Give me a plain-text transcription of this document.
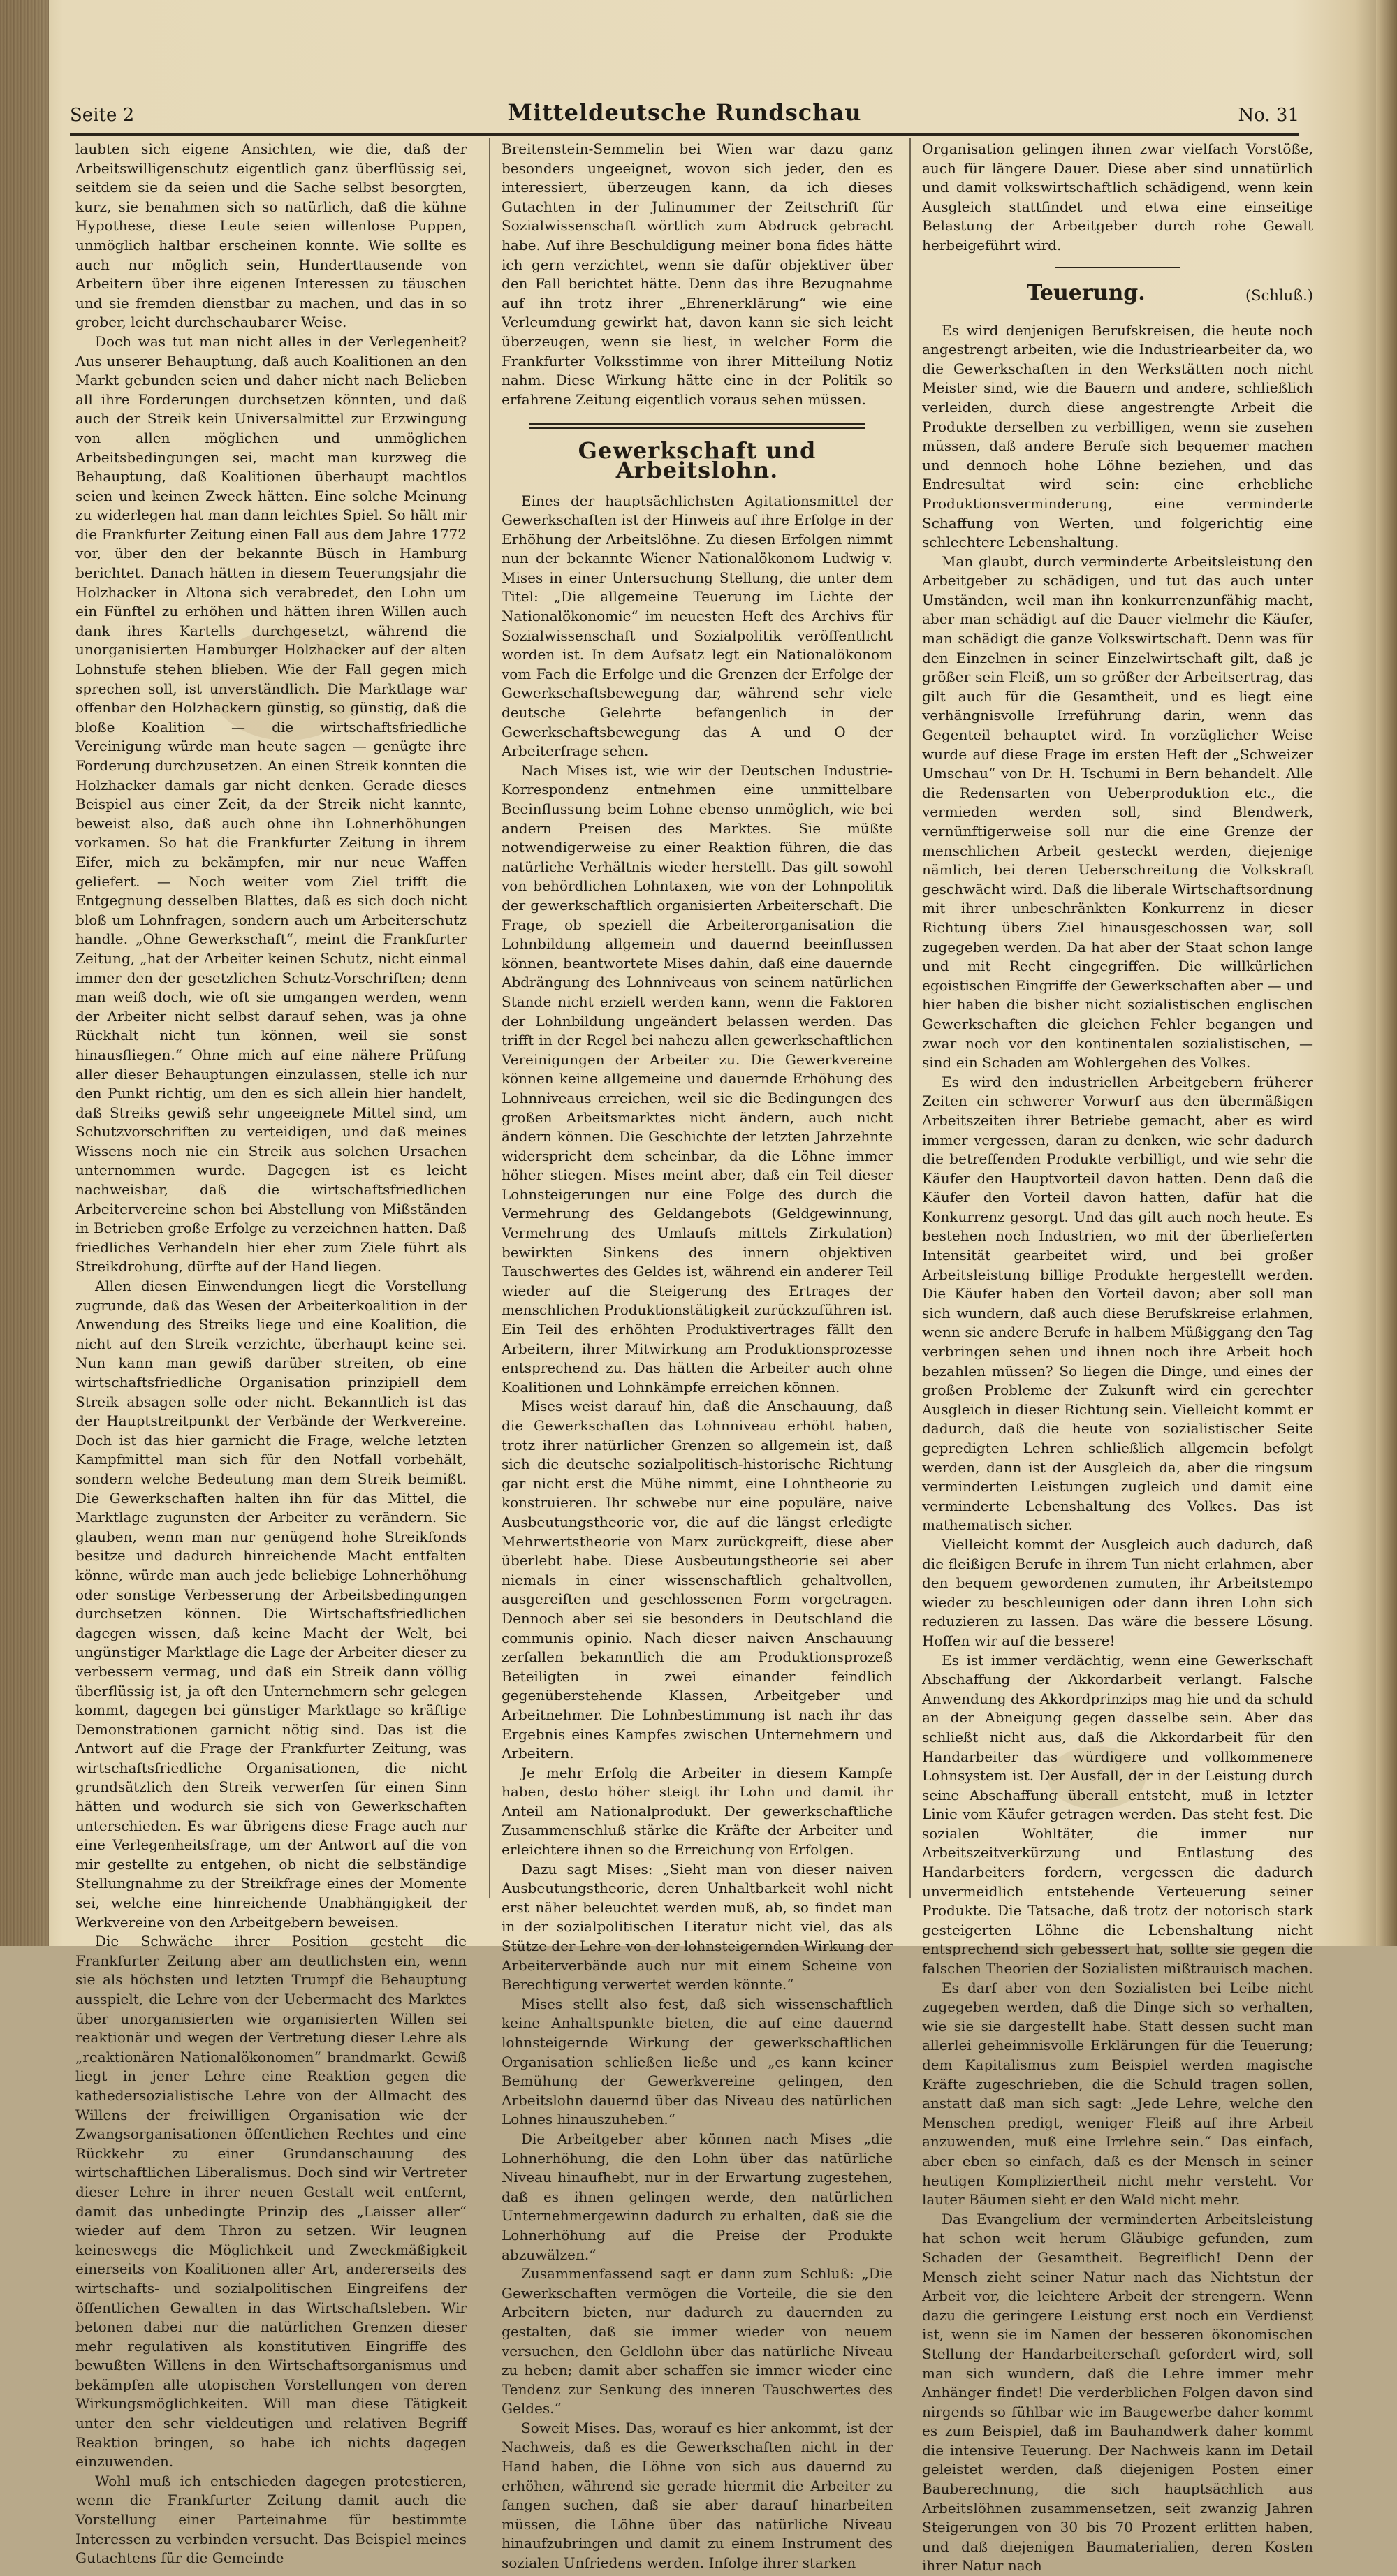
Seite 2	Mitteldeutsche Rundschau	No. 31

laubten sich eigene Ansichten, wie die, daß der Arbeitswilligenschutz eigentlich ganz überflüssig sei, seitdem sie da seien und die Sache selbst besorgten, kurz, sie benahmen sich so natürlich, daß die kühne Hypothese, diese Leute seien willenlose Puppen, unmöglich haltbar erscheinen konnte. Wie sollte es auch nur möglich sein, Hunderttausende von Arbeitern über ihre eigenen Interessen zu täuschen und sie fremden dienstbar zu machen, und das in so grober, leicht durchschaubarer Weise.

Doch was tut man nicht alles in der Verlegenheit? Aus unserer Behauptung, daß auch Koalitionen an den Markt gebunden seien und daher nicht nach Belieben all ihre Forderungen durchsetzen könnten, und daß auch der Streik kein Universalmittel zur Erzwingung von allen möglichen und unmöglichen Arbeitsbedingungen sei, macht man kurzweg die Behauptung, daß Koalitionen überhaupt machtlos seien und keinen Zweck hätten. Eine solche Meinung zu widerlegen hat man dann leichtes Spiel. So hält mir die Frankfurter Zeitung einen Fall aus dem Jahre 1772 vor, über den der bekannte Büsch in Hamburg berichtet. Danach hätten in diesem Teuerungsjahr die Holzhacker in Altona sich verabredet, den Lohn um ein Fünftel zu erhöhen und hätten ihren Willen auch dank ihres Kartells durchgesetzt, während die unorganisierten Hamburger Holzhacker auf der alten Lohnstufe stehen blieben. Wie der Fall gegen mich sprechen soll, ist unverständlich. Die Marktlage war offenbar den Holzhackern günstig, so günstig, daß die bloße Koalition — die wirtschaftsfriedliche Vereinigung würde man heute sagen — genügte ihre Forderung durchzusetzen. An einen Streik konnten die Holzhacker damals gar nicht denken. Gerade dieses Beispiel aus einer Zeit, da der Streik nicht kannte, beweist also, daß auch ohne ihn Lohnerhöhungen vorkamen. So hat die Frankfurter Zeitung in ihrem Eifer, mich zu bekämpfen, mir nur neue Waffen geliefert. — Noch weiter vom Ziel trifft die Entgegnung desselben Blattes, daß es sich doch nicht bloß um Lohnfragen, sondern auch um Arbeiterschutz handle. „Ohne Gewerkschaft“, meint die Frankfurter Zeitung, „hat der Arbeiter keinen Schutz, nicht einmal immer den der gesetzlichen Schutz-Vorschriften; denn man weiß doch, wie oft sie umgangen werden, wenn der Arbeiter nicht selbst darauf sehen, was ja ohne Rückhalt nicht tun können, weil sie sonst hinausfliegen.“ Ohne mich auf eine nähere Prüfung aller dieser Behauptungen einzulassen, stelle ich nur den Punkt richtig, um den es sich allein hier handelt, daß Streiks gewiß sehr ungeeignete Mittel sind, um Schutzvorschriften zu verteidigen, und daß meines Wissens noch nie ein Streik aus solchen Ursachen unternommen wurde. Dagegen ist es leicht nachweisbar, daß die wirtschaftsfriedlichen Arbeitervereine schon bei Abstellung von Mißständen in Betrieben große Erfolge zu verzeichnen hatten. Daß friedliches Verhandeln hier eher zum Ziele führt als Streikdrohung, dürfte auf der Hand liegen.

Allen diesen Einwendungen liegt die Vorstellung zugrunde, daß das Wesen der Arbeiterkoalition in der Anwendung des Streiks liege und eine Koalition, die nicht auf den Streik verzichte, überhaupt keine sei. Nun kann man gewiß darüber streiten, ob eine wirtschaftsfriedliche Organisation prinzipiell dem Streik absagen solle oder nicht. Bekanntlich ist das der Hauptstreitpunkt der Verbände der Werkvereine. Doch ist das hier garnicht die Frage, welche letzten Kampfmittel man sich für den Notfall vorbehält, sondern welche Bedeutung man dem Streik beimißt. Die Gewerkschaften halten ihn für das Mittel, die Marktlage zugunsten der Arbeiter zu verändern. Sie glauben, wenn man nur genügend hohe Streikfonds besitze und dadurch hinreichende Macht entfalten könne, würde man auch jede beliebige Lohnerhöhung oder sonstige Verbesserung der Arbeitsbedingungen durchsetzen können. Die Wirtschaftsfriedlichen dagegen wissen, daß keine Macht der Welt, bei ungünstiger Marktlage die Lage der Arbeiter dieser zu verbessern vermag, und daß ein Streik dann völlig überflüssig ist, ja oft den Unternehmern sehr gelegen kommt, dagegen bei günstiger Marktlage so kräftige Demonstrationen garnicht nötig sind. Das ist die Antwort auf die Frage der Frankfurter Zeitung, was wirtschaftsfriedliche Organisationen, die nicht grundsätzlich den Streik verwerfen für einen Sinn hätten und wodurch sie sich von Gewerkschaften unterschieden. Es war übrigens diese Frage auch nur eine Verlegenheitsfrage, um der Antwort auf die von mir gestellte zu entgehen, ob nicht die selbständige Stellungnahme zu der Streikfrage eines der Momente sei, welche eine hinreichende Unabhängigkeit der Werkvereine von den Arbeitgebern beweisen.

Die Schwäche ihrer Position gesteht die Frankfurter Zeitung aber am deutlichsten ein, wenn sie als höchsten und letzten Trumpf die Behauptung ausspielt, die Lehre von der Uebermacht des Marktes über unorganisierten wie organisierten Willen sei reaktionär und wegen der Vertretung dieser Lehre als „reaktionären Nationalökonomen“ brandmarkt. Gewiß liegt in jener Lehre eine Reaktion gegen die kathedersozialistische Lehre von der Allmacht des Willens der freiwilligen Organisation wie der Zwangsorganisationen öffentlichen Rechtes und eine Rückkehr zu einer Grundanschauung des wirtschaftlichen Liberalismus. Doch sind wir Vertreter dieser Lehre in ihrer neuen Gestalt weit entfernt, damit das unbedingte Prinzip des „Laisser aller“ wieder auf dem Thron zu setzen. Wir leugnen keineswegs die Möglichkeit und Zweckmäßigkeit einerseits von Koalitionen aller Art, andererseits des wirtschafts- und sozialpolitischen Eingreifens der öffentlichen Gewalten in das Wirtschaftsleben. Wir betonen dabei nur die natürlichen Grenzen dieser mehr regulativen als konstitutiven Eingriffe des bewußten Willens in den Wirtschaftsorganismus und bekämpfen alle utopischen Vorstellungen von deren Wirkungsmöglichkeiten. Will man diese Tätigkeit unter den sehr vieldeutigen und relativen Begriff Reaktion bringen, so habe ich nichts dagegen einzuwenden.

Wohl muß ich entschieden dagegen protestieren, wenn die Frankfurter Zeitung damit auch die Vorstellung einer Parteinahme für bestimmte Interessen zu verbinden versucht. Das Beispiel meines Gutachtens für die Gemeinde

Breitenstein-Semmelin bei Wien war dazu ganz besonders ungeeignet, wovon sich jeder, den es interessiert, überzeugen kann, da ich dieses Gutachten in der Julinummer der Zeitschrift für Sozialwissenschaft wörtlich zum Abdruck gebracht habe. Auf ihre Beschuldigung meiner bona fides hätte ich gern verzichtet, wenn sie dafür objektiver über den Fall berichtet hätte. Denn das ihre Bezugnahme auf ihn trotz ihrer „Ehrenerklärung“ wie eine Verleumdung gewirkt hat, davon kann sie sich leicht überzeugen, wenn sie liest, in welcher Form die Frankfurter Volksstimme von ihrer Mitteilung Notiz nahm. Diese Wirkung hätte eine in der Politik so erfahrene Zeitung eigentlich voraus sehen müssen.

Gewerkschaft und Arbeitslohn.

Eines der hauptsächlichsten Agitationsmittel der Gewerkschaften ist der Hinweis auf ihre Erfolge in der Erhöhung der Arbeitslöhne. Zu diesen Erfolgen nimmt nun der bekannte Wiener Nationalökonom Ludwig v. Mises in einer Untersuchung Stellung, die unter dem Titel: „Die allgemeine Teuerung im Lichte der Nationalökonomie“ im neuesten Heft des Archivs für Sozialwissenschaft und Sozialpolitik veröffentlicht worden ist. In dem Aufsatz legt ein Nationalökonom vom Fach die Erfolge und die Grenzen der Erfolge der Gewerkschaftsbewegung dar, während sehr viele deutsche Gelehrte befangenlich in der Gewerkschaftsbewegung das A und O der Arbeiterfrage sehen.

Nach Mises ist, wie wir der Deutschen Industrie-Korrespondenz entnehmen eine unmittelbare Beeinflussung beim Lohne ebenso unmöglich, wie bei andern Preisen des Marktes. Sie müßte notwendigerweise zu einer Reaktion führen, die das natürliche Verhältnis wieder herstellt. Das gilt sowohl von behördlichen Lohntaxen, wie von der Lohnpolitik der gewerkschaftlich organisierten Arbeiterschaft. Die Frage, ob speziell die Arbeiterorganisation die Lohnbildung allgemein und dauernd beeinflussen können, beantwortete Mises dahin, daß eine dauernde Abdrängung des Lohnniveaus von seinem natürlichen Stande nicht erzielt werden kann, wenn die Faktoren der Lohnbildung ungeändert belassen werden. Das trifft in der Regel bei nahezu allen gewerkschaftlichen Vereinigungen der Arbeiter zu. Die Gewerkvereine können keine allgemeine und dauernde Erhöhung des Lohnniveaus erreichen, weil sie die Bedingungen des großen Arbeitsmarktes nicht ändern, auch nicht ändern können. Die Geschichte der letzten Jahrzehnte widerspricht dem scheinbar, da die Löhne immer höher stiegen. Mises meint aber, daß ein Teil dieser Lohnsteigerungen nur eine Folge des durch die Vermehrung des Geldangebots (Geldgewinnung, Vermehrung des Umlaufs mittels Zirkulation) bewirkten Sinkens des innern objektiven Tauschwertes des Geldes ist, während ein anderer Teil wieder auf die Steigerung des Ertrages der menschlichen Produktionstätigkeit zurückzuführen ist. Ein Teil des erhöhten Produktivertrages fällt den Arbeitern, ihrer Mitwirkung am Produktionsprozesse entsprechend zu. Das hätten die Arbeiter auch ohne Koalitionen und Lohnkämpfe erreichen können.

Mises weist darauf hin, daß die Anschauung, daß die Gewerkschaften das Lohnniveau erhöht haben, trotz ihrer natürlicher Grenzen so allgemein ist, daß sich die deutsche sozialpolitisch-historische Richtung gar nicht erst die Mühe nimmt, eine Lohntheorie zu konstruieren. Ihr schwebe nur eine populäre, naive Ausbeutungstheorie vor, die auf die längst erledigte Mehrwertstheorie von Marx zurückgreift, diese aber überlebt habe. Diese Ausbeutungstheorie sei aber niemals in einer wissenschaftlich gehaltvollen, ausgereiften und geschlossenen Form vorgetragen. Dennoch aber sei sie besonders in Deutschland die communis opinio. Nach dieser naiven Anschauung zerfallen bekanntlich die am Produktionsprozeß Beteiligten in zwei einander feindlich gegenüberstehende Klassen, Arbeitgeber und Arbeitnehmer. Die Lohnbestimmung ist nach ihr das Ergebnis eines Kampfes zwischen Unternehmern und Arbeitern.

Je mehr Erfolg die Arbeiter in diesem Kampfe haben, desto höher steigt ihr Lohn und damit ihr Anteil am Nationalprodukt. Der gewerkschaftliche Zusammenschluß stärke die Kräfte der Arbeiter und erleichtere ihnen so die Erreichung von Erfolgen.

Dazu sagt Mises: „Sieht man von dieser naiven Ausbeutungstheorie, deren Unhaltbarkeit wohl nicht erst näher beleuchtet werden muß, ab, so findet man in der sozialpolitischen Literatur nicht viel, das als Stütze der Lehre von der lohnsteigernden Wirkung der Arbeiterverbände auch nur mit einem Scheine von Berechtigung verwertet werden könnte.“

Mises stellt also fest, daß sich wissenschaftlich keine Anhaltspunkte bieten, die auf eine dauernd lohnsteigernde Wirkung der gewerkschaftlichen Organisation schließen ließe und „es kann keiner Bemühung der Gewerkvereine gelingen, den Arbeitslohn dauernd über das Niveau des natürlichen Lohnes hinauszuheben.“

Die Arbeitgeber aber können nach Mises „die Lohnerhöhung, die den Lohn über das natürliche Niveau hinaufhebt, nur in der Erwartung zugestehen, daß es ihnen gelingen werde, den natürlichen Unternehmergewinn dadurch zu erhalten, daß sie die Lohnerhöhung auf die Preise der Produkte abzuwälzen.“

Zusammenfassend sagt er dann zum Schluß: „Die Gewerkschaften vermögen die Vorteile, die sie den Arbeitern bieten, nur dadurch zu dauernden zu gestalten, daß sie immer wieder von neuem versuchen, den Geldlohn über das natürliche Niveau zu heben; damit aber schaffen sie immer wieder eine Tendenz zur Senkung des inneren Tauschwertes des Geldes.“

Soweit Mises. Das, worauf es hier ankommt, ist der Nachweis, daß es die Gewerkschaften nicht in der Hand haben, die Löhne von sich aus dauernd zu erhöhen, während sie gerade hiermit die Arbeiter zu fangen suchen, daß sie aber darauf hinarbeiten müssen, die Löhne über das natürliche Niveau hinaufzubringen und damit zu einem Instrument des sozialen Unfriedens werden. Infolge ihrer starken

Organisation gelingen ihnen zwar vielfach Vorstöße, auch für längere Dauer. Diese aber sind unnatürlich und damit volkswirtschaftlich schädigend, wenn kein Ausgleich stattfindet und etwa eine einseitige Belastung der Arbeitgeber durch rohe Gewalt herbeigeführt wird.

Teuerung.	(Schluß.)

Es wird denjenigen Berufskreisen, die heute noch angestrengt arbeiten, wie die Industriearbeiter da, wo die Gewerkschaften in den Werkstätten noch nicht Meister sind, wie die Bauern und andere, schließlich verleiden, durch diese angestrengte Arbeit die Produkte derselben zu verbilligen, wenn sie zusehen müssen, daß andere Berufe sich bequemer machen und dennoch hohe Löhne beziehen, und das Endresultat wird sein: eine erhebliche Produktionsverminderung, eine verminderte Schaffung von Werten, und folgerichtig eine schlechtere Lebenshaltung.

Man glaubt, durch verminderte Arbeitsleistung den Arbeitgeber zu schädigen, und tut das auch unter Umständen, weil man ihn konkurrenzunfähig macht, aber man schädigt auf die Dauer vielmehr die Käufer, man schädigt die ganze Volkswirtschaft. Denn was für den Einzelnen in seiner Einzelwirtschaft gilt, daß je größer sein Fleiß, um so größer der Arbeitsertrag, das gilt auch für die Gesamtheit, und es liegt eine verhängnisvolle Irreführung darin, wenn das Gegenteil behauptet wird. In vorzüglicher Weise wurde auf diese Frage im ersten Heft der „Schweizer Umschau“ von Dr. H. Tschumi in Bern behandelt. Alle die Redensarten von Ueberproduktion etc., die vermieden werden soll, sind Blendwerk, vernünftigerweise soll nur die eine Grenze der menschlichen Arbeit gesteckt werden, diejenige nämlich, bei deren Ueberschreitung die Volkskraft geschwächt wird. Daß die liberale Wirtschaftsordnung mit ihrer unbeschränkten Konkurrenz in dieser Richtung übers Ziel hinausgeschossen war, soll zugegeben werden. Da hat aber der Staat schon lange und mit Recht eingegriffen. Die willkürlichen egoistischen Eingriffe der Gewerkschaften aber — und hier haben die bisher nicht sozialistischen englischen Gewerkschaften die gleichen Fehler begangen und zwar noch vor den kontinentalen sozialistischen, — sind ein Schaden am Wohlergehen des Volkes.

Es wird den industriellen Arbeitgebern früherer Zeiten ein schwerer Vorwurf aus den übermäßigen Arbeitszeiten ihrer Betriebe gemacht, aber es wird immer vergessen, daran zu denken, wie sehr dadurch die betreffenden Produkte verbilligt, und wie sehr die Käufer den Hauptvorteil davon hatten. Denn daß die Käufer den Vorteil davon hatten, dafür hat die Konkurrenz gesorgt. Und das gilt auch noch heute. Es bestehen noch Industrien, wo mit der überlieferten Intensität gearbeitet wird, und bei großer Arbeitsleistung billige Produkte hergestellt werden. Die Käufer haben den Vorteil davon; aber soll man sich wundern, daß auch diese Berufskreise erlahmen, wenn sie andere Berufe in halbem Müßiggang den Tag verbringen sehen und ihnen noch ihre Arbeit hoch bezahlen müssen? So liegen die Dinge, und eines der großen Probleme der Zukunft wird ein gerechter Ausgleich in dieser Richtung sein. Vielleicht kommt er dadurch, daß die heute von sozialistischer Seite gepredigten Lehren schließlich allgemein befolgt werden, dann ist der Ausgleich da, aber die ringsum verminderten Leistungen zugleich und damit eine verminderte Lebenshaltung des Volkes. Das ist mathematisch sicher.

Vielleicht kommt der Ausgleich auch dadurch, daß die fleißigen Berufe in ihrem Tun nicht erlahmen, aber den bequem gewordenen zumuten, ihr Arbeitstempo wieder zu beschleunigen oder dann ihren Lohn sich reduzieren zu lassen. Das wäre die bessere Lösung. Hoffen wir auf die bessere!

Es ist immer verdächtig, wenn eine Gewerkschaft Abschaffung der Akkordarbeit verlangt. Falsche Anwendung des Akkordprinzips mag hie und da schuld an der Abneigung gegen dasselbe sein. Aber das schließt nicht aus, daß die Akkordarbeit für den Handarbeiter das würdigere und vollkommenere Lohnsystem ist. Der Ausfall, der in der Leistung durch seine Abschaffung überall entsteht, muß in letzter Linie vom Käufer getragen werden. Das steht fest. Die sozialen Wohltäter, die immer nur Arbeitszeitverkürzung und Entlastung des Handarbeiters fordern, vergessen die dadurch unvermeidlich entstehende Verteuerung seiner Produkte. Die Tatsache, daß trotz der notorisch stark gesteigerten Löhne die Lebenshaltung nicht entsprechend sich gebessert hat, sollte sie gegen die falschen Theorien der Sozialisten mißtrauisch machen.

Es darf aber von den Sozialisten bei Leibe nicht zugegeben werden, daß die Dinge sich so verhalten, wie sie sie dargestellt habe. Statt dessen sucht man allerlei geheimnisvolle Erklärungen für die Teuerung; dem Kapitalismus zum Beispiel werden magische Kräfte zugeschrieben, die die Schuld tragen sollen, anstatt daß man sich sagt: „Jede Lehre, welche den Menschen predigt, weniger Fleiß auf ihre Arbeit anzuwenden, muß eine Irrlehre sein.“ Das einfach, aber eben so einfach, daß es der Mensch in seiner heutigen Kompliziertheit nicht mehr versteht. Vor lauter Bäumen sieht er den Wald nicht mehr.

Das Evangelium der verminderten Arbeitsleistung hat schon weit herum Gläubige gefunden, zum Schaden der Gesamtheit. Begreiflich! Denn der Mensch zieht seiner Natur nach das Nichtstun der Arbeit vor, die leichtere Arbeit der strengern. Wenn dazu die geringere Leistung erst noch ein Verdienst ist, wenn sie im Namen der besseren ökonomischen Stellung der Handarbeiterschaft gefordert wird, soll man sich wundern, daß die Lehre immer mehr Anhänger findet! Die verderblichen Folgen davon sind nirgends so fühlbar wie im Baugewerbe daher kommt es zum Beispiel, daß im Bauhandwerk daher kommt die intensive Teuerung. Der Nachweis kann im Detail geleistet werden, daß diejenigen Posten einer Bauberechnung, die sich hauptsächlich aus Arbeitslöhnen zusammensetzen, seit zwanzig Jahren Steigerungen von 30 bis 70 Prozent erlitten haben, und daß diejenigen Baumaterialien, deren Kosten ihrer Natur nach
